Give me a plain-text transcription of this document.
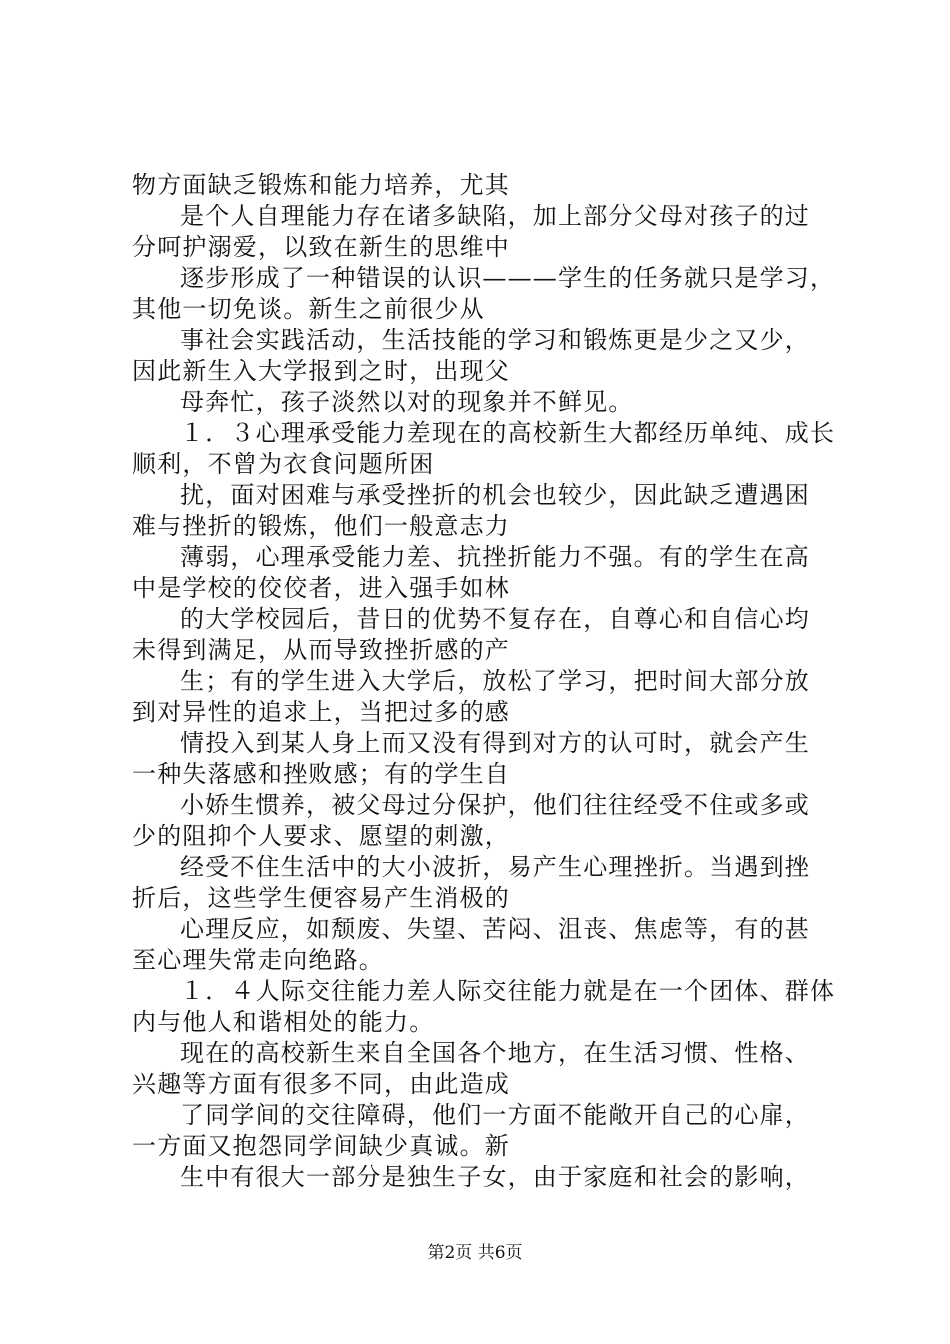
物方面缺乏锻炼和能力培养，尤其
是个人自理能力存在诸多缺陷，加上部分父母对孩子的过
分呵护溺爱，以致在新生的思维中
逐步形成了一种错误的认识———学生的任务就只是学习，
其他一切免谈。新生之前很少从
事社会实践活动，生活技能的学习和锻炼更是少之又少，
因此新生入大学报到之时，出现父
母奔忙，孩子淡然以对的现象并不鲜见。
１．３心理承受能力差现在的高校新生大都经历单纯、成长
顺利，不曾为衣食问题所困
扰，面对困难与承受挫折的机会也较少，因此缺乏遭遇困
难与挫折的锻炼，他们一般意志力
薄弱，心理承受能力差、抗挫折能力不强。有的学生在高
中是学校的佼佼者，进入强手如林
的大学校园后，昔日的优势不复存在，自尊心和自信心均
未得到满足，从而导致挫折感的产
生；有的学生进入大学后，放松了学习，把时间大部分放
到对异性的追求上，当把过多的感
情投入到某人身上而又没有得到对方的认可时，就会产生
一种失落感和挫败感；有的学生自
小娇生惯养，被父母过分保护，他们往往经受不住或多或
少的阻抑个人要求、愿望的刺激，
经受不住生活中的大小波折，易产生心理挫折。当遇到挫
折后，这些学生便容易产生消极的
心理反应，如颓废、失望、苦闷、沮丧、焦虑等，有的甚
至心理失常走向绝路。
１．４人际交往能力差人际交往能力就是在一个团体、群体
内与他人和谐相处的能力。
现在的高校新生来自全国各个地方，在生活习惯、性格、
兴趣等方面有很多不同，由此造成
了同学间的交往障碍，他们一方面不能敞开自己的心扉，
一方面又抱怨同学间缺少真诚。新
生中有很大一部分是独生子女，由于家庭和社会的影响，
第2页 共6页
